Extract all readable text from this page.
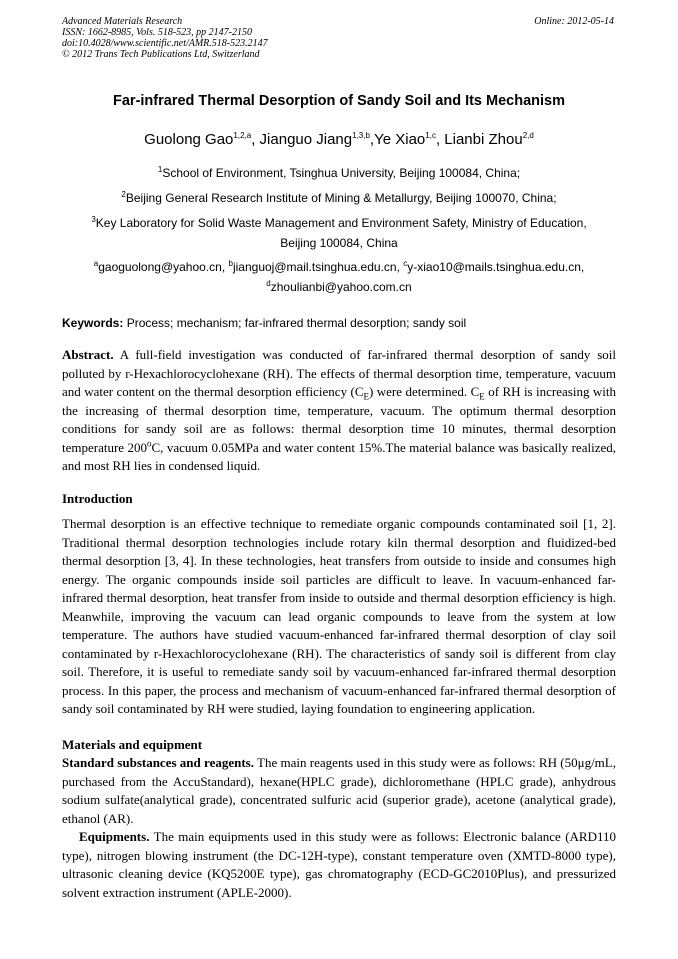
Advanced Materials Research	Online: 2012-05-14
ISSN: 1662-8985, Vols. 518-523, pp 2147-2150
doi:10.4028/www.scientific.net/AMR.518-523.2147
© 2012 Trans Tech Publications Ltd, Switzerland
Far-infrared Thermal Desorption of Sandy Soil and Its Mechanism
Guolong Gao$^{1,2,a}$, Jianguo Jiang$^{1,3,b}$,Ye Xiao$^{1,c}$, Lianbi Zhou$^{2,d}$
$^1$School of Environment, Tsinghua University, Beijing 100084, China;
$^2$Beijing General Research Institute of Mining & Metallurgy, Beijing 100070, China;
$^3$Key Laboratory for Solid Waste Management and Environment Safety, Ministry of Education,
Beijing 100084, China
$^a$gaoguolong@yahoo.cn, $^b$jianguoj@mail.tsinghua.edu.cn, $^c$y-xiao10@mails.tsinghua.edu.cn,
$^d$zhoulianbi@yahoo.com.cn
Keywords: Process; mechanism; far-infrared thermal desorption; sandy soil
Abstract. A full-field investigation was conducted of far-infrared thermal desorption of sandy soil polluted by r-Hexachlorocyclohexane (RH). The effects of thermal desorption time, temperature, vacuum and water content on the thermal desorption efficiency $(C_E)$ were determined. $C_E$ of RH is increasing with the increasing of thermal desorption time, temperature, vacuum. The optimum thermal desorption conditions for sandy soil are as follows: thermal desorption time 10 minutes, thermal desorption temperature 200$^o$C, vacuum 0.05MPa and water content 15%.The material balance was basically realized, and most RH lies in condensed liquid.
Introduction
Thermal desorption is an effective technique to remediate organic compounds contaminated soil [1, 2]. Traditional thermal desorption technologies include rotary kiln thermal desorption and fluidized-bed thermal desorption [3, 4]. In these technologies, heat transfers from outside to inside and consumes high energy. The organic compounds inside soil particles are difficult to leave. In vacuum-enhanced far-infrared thermal desorption, heat transfer from inside to outside and thermal desorption efficiency is high. Meanwhile, improving the vacuum can lead organic compounds to leave from the system at low temperature. The authors have studied vacuum-enhanced far-infrared thermal desorption of clay soil contaminated by r-Hexachlorocyclohexane (RH). The characteristics of sandy soil is different from clay soil. Therefore, it is useful to remediate sandy soil by vacuum-enhanced far-infrared thermal desorption process. In this paper, the process and mechanism of vacuum-enhanced far-infrared thermal desorption of sandy soil contaminated by RH were studied, laying foundation to engineering application.
Materials and equipment
Standard substances and reagents. The main reagents used in this study were as follows: RH (50μg/mL, purchased from the AccuStandard), hexane(HPLC grade), dichloromethane (HPLC grade), anhydrous sodium sulfate(analytical grade), concentrated sulfuric acid (superior grade), acetone (analytical grade), ethanol (AR).
Equipments. The main equipments used in this study were as follows: Electronic balance (ARD110 type), nitrogen blowing instrument (the DC-12H-type), constant temperature oven (XMTD-8000 type), ultrasonic cleaning device (KQ5200E type), gas chromatography (ECD-GC2010Plus), and pressurized solvent extraction instrument (APLE-2000).
